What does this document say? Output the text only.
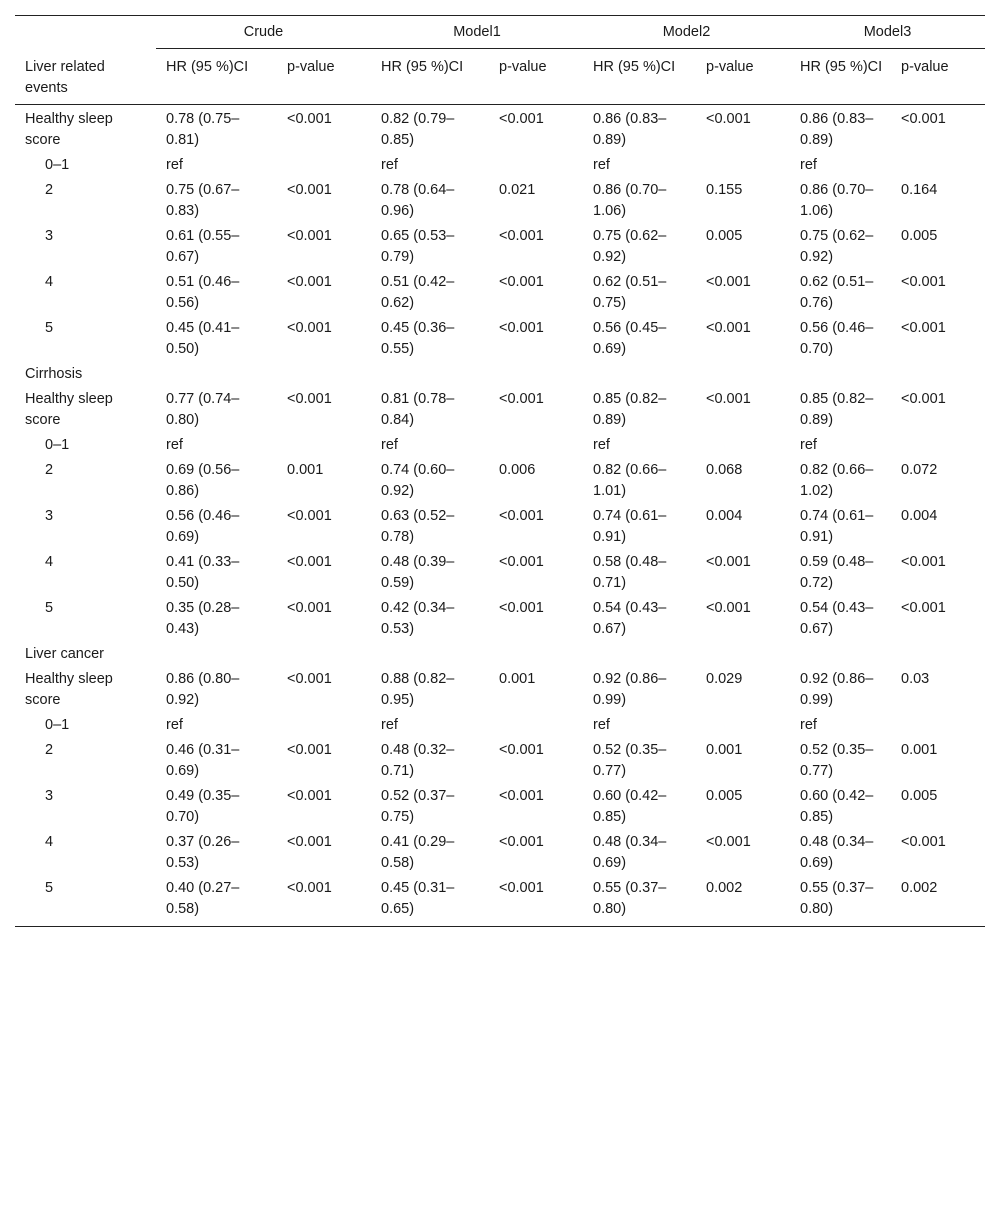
	Crude		Model1		Model2		Model3	
Liver related events	HR (95 %)CI	p-value	HR (95 %)CI	p-value	HR (95 %)CI	p-value	HR (95 %)CI	p-value
Healthy sleep score	0.78 (0.75–0.81)	<0.001	0.82 (0.79–0.85)	<0.001	0.86 (0.83–0.89)	<0.001	0.86 (0.83–0.89)	<0.001
0–1	ref		ref		ref		ref	
2	0.75 (0.67–0.83)	<0.001	0.78 (0.64–0.96)	0.021	0.86 (0.70–1.06)	0.155	0.86 (0.70–1.06)	0.164
3	0.61 (0.55–0.67)	<0.001	0.65 (0.53–0.79)	<0.001	0.75 (0.62–0.92)	0.005	0.75 (0.62–0.92)	0.005
4	0.51 (0.46–0.56)	<0.001	0.51 (0.42–0.62)	<0.001	0.62 (0.51–0.75)	<0.001	0.62 (0.51–0.76)	<0.001
5	0.45 (0.41–0.50)	<0.001	0.45 (0.36–0.55)	<0.001	0.56 (0.45–0.69)	<0.001	0.56 (0.46–0.70)	<0.001
Cirrhosis								
Healthy sleep score	0.77 (0.74–0.80)	<0.001	0.81 (0.78–0.84)	<0.001	0.85 (0.82–0.89)	<0.001	0.85 (0.82–0.89)	<0.001
0–1	ref		ref		ref		ref	
2	0.69 (0.56–0.86)	0.001	0.74 (0.60–0.92)	0.006	0.82 (0.66–1.01)	0.068	0.82 (0.66–1.02)	0.072
3	0.56 (0.46–0.69)	<0.001	0.63 (0.52–0.78)	<0.001	0.74 (0.61–0.91)	0.004	0.74 (0.61–0.91)	0.004
4	0.41 (0.33–0.50)	<0.001	0.48 (0.39–0.59)	<0.001	0.58 (0.48–0.71)	<0.001	0.59 (0.48–0.72)	<0.001
5	0.35 (0.28–0.43)	<0.001	0.42 (0.34–0.53)	<0.001	0.54 (0.43–0.67)	<0.001	0.54 (0.43–0.67)	<0.001
Liver cancer								
Healthy sleep score	0.86 (0.80–0.92)	<0.001	0.88 (0.82–0.95)	0.001	0.92 (0.86–0.99)	0.029	0.92 (0.86–0.99)	0.03
0–1	ref		ref		ref		ref	
2	0.46 (0.31–0.69)	<0.001	0.48 (0.32–0.71)	<0.001	0.52 (0.35–0.77)	0.001	0.52 (0.35–0.77)	0.001
3	0.49 (0.35–0.70)	<0.001	0.52 (0.37–0.75)	<0.001	0.60 (0.42–0.85)	0.005	0.60 (0.42–0.85)	0.005
4	0.37 (0.26–0.53)	<0.001	0.41 (0.29–0.58)	<0.001	0.48 (0.34–0.69)	<0.001	0.48 (0.34–0.69)	<0.001
5	0.40 (0.27–0.58)	<0.001	0.45 (0.31–0.65)	<0.001	0.55 (0.37–0.80)	0.002	0.55 (0.37–0.80)	0.002
